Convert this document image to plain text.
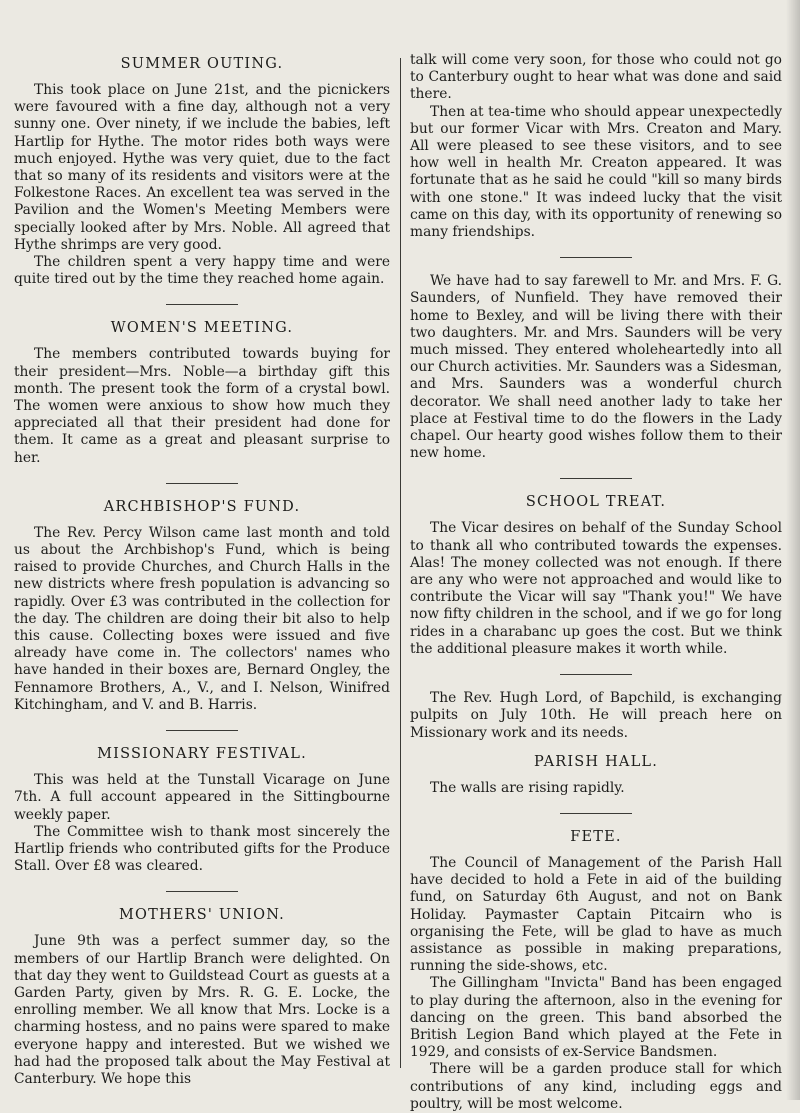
SUMMER OUTING.

This took place on June 21st, and the picnickers were favoured with a fine day, although not a very sunny one. Over ninety, if we include the babies, left Hartlip for Hythe. The motor rides both ways were much enjoyed. Hythe was very quiet, due to the fact that so many of its residents and visitors were at the Folkestone Races. An excellent tea was served in the Pavilion and the Women's Meeting Members were specially looked after by Mrs. Noble. All agreed that Hythe shrimps are very good.

The children spent a very happy time and were quite tired out by the time they reached home again.

WOMEN'S MEETING.

The members contributed towards buying for their president—Mrs. Noble—a birthday gift this month. The present took the form of a crystal bowl. The women were anxious to show how much they appreciated all that their president had done for them. It came as a great and pleasant surprise to her.

ARCHBISHOP'S FUND.

The Rev. Percy Wilson came last month and told us about the Archbishop's Fund, which is being raised to provide Churches, and Church Halls in the new districts where fresh population is advancing so rapidly. Over £3 was contributed in the collection for the day. The children are doing their bit also to help this cause. Collecting boxes were issued and five already have come in. The collectors' names who have handed in their boxes are, Bernard Ongley, the Fennamore Brothers, A., V., and I. Nelson, Winifred Kitchingham, and V. and B. Harris.

MISSIONARY FESTIVAL.

This was held at the Tunstall Vicarage on June 7th. A full account appeared in the Sittingbourne weekly paper.

The Committee wish to thank most sincerely the Hartlip friends who contributed gifts for the Produce Stall. Over £8 was cleared.

MOTHERS' UNION.

June 9th was a perfect summer day, so the members of our Hartlip Branch were delighted. On that day they went to Guildstead Court as guests at a Garden Party, given by Mrs. R. G. E. Locke, the enrolling member. We all know that Mrs. Locke is a charming hostess, and no pains were spared to make everyone happy and interested. But we wished we had had the proposed talk about the May Festival at Canterbury. We hope this

talk will come very soon, for those who could not go to Canterbury ought to hear what was done and said there.

Then at tea-time who should appear unexpectedly but our former Vicar with Mrs. Creaton and Mary. All were pleased to see these visitors, and to see how well in health Mr. Creaton appeared. It was fortunate that as he said he could "kill so many birds with one stone." It was indeed lucky that the visit came on this day, with its opportunity of renewing so many friendships.

We have had to say farewell to Mr. and Mrs. F. G. Saunders, of Nunfield. They have removed their home to Bexley, and will be living there with their two daughters. Mr. and Mrs. Saunders will be very much missed. They entered wholeheartedly into all our Church activities. Mr. Saunders was a Sidesman, and Mrs. Saunders was a wonderful church decorator. We shall need another lady to take her place at Festival time to do the flowers in the Lady chapel. Our hearty good wishes follow them to their new home.

SCHOOL TREAT.

The Vicar desires on behalf of the Sunday School to thank all who contributed towards the expenses. Alas! The money collected was not enough. If there are any who were not approached and would like to contribute the Vicar will say "Thank you!" We have now fifty children in the school, and if we go for long rides in a charabanc up goes the cost. But we think the additional pleasure makes it worth while.

The Rev. Hugh Lord, of Bapchild, is exchanging pulpits on July 10th. He will preach here on Missionary work and its needs.

PARISH HALL.

The walls are rising rapidly.

FETE.

The Council of Management of the Parish Hall have decided to hold a Fete in aid of the building fund, on Saturday 6th August, and not on Bank Holiday. Paymaster Captain Pitcairn who is organising the Fete, will be glad to have as much assistance as possible in making preparations, running the side-shows, etc.

The Gillingham "Invicta" Band has been engaged to play during the afternoon, also in the evening for dancing on the green. This band absorbed the British Legion Band which played at the Fete in 1929, and consists of ex-Service Bandsmen.

There will be a garden produce stall for which contributions of any kind, including eggs and poultry, will be most welcome.
